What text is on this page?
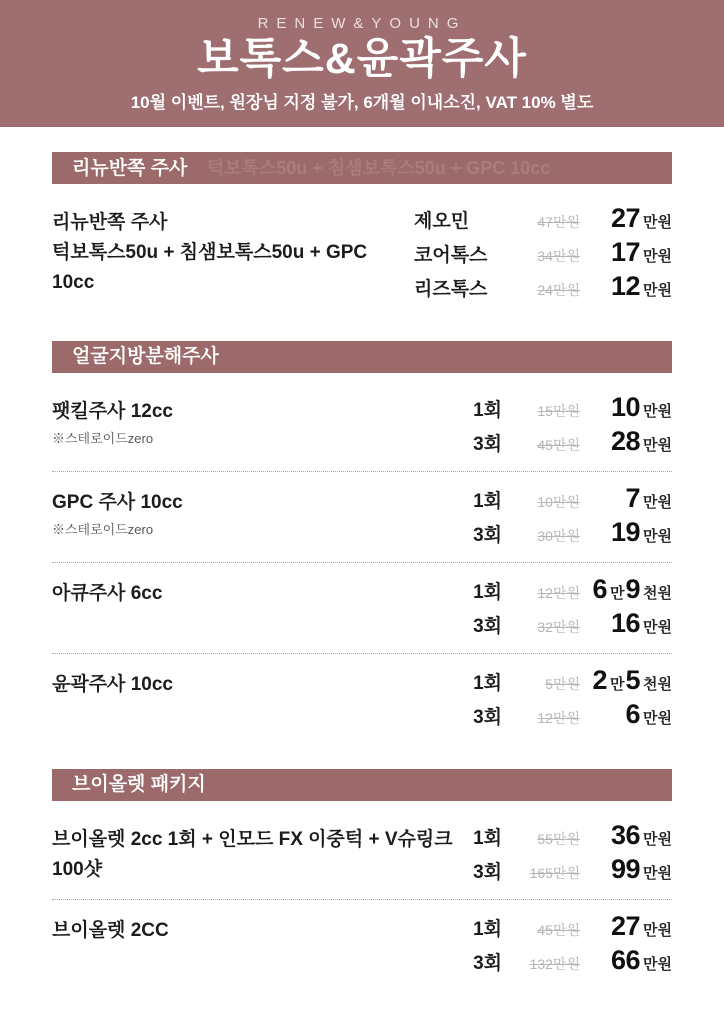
RENEW&YOUNG
보톡스&윤곽주사
10월 이벤트, 원장님 지정 불가, 6개월 이내소진, VAT 10% 별도
리뉴반쪽 주사 턱보톡스50u + 침샘보톡스50u + GPC 10cc
리뉴반쪽 주사
턱보톡스50u + 침샘보톡스50u + GPC 10cc
제오민	47만원	27 만원
코어톡스	34만원	17 만원
리즈톡스	24만원	12 만원
얼굴지방분해주사
팻킬주사 12cc
※스테로이드zero
1회	15만원	10 만원
3회	45만원	28 만원
GPC 주사 10cc
※스테로이드zero
1회	10만원	7 만원
3회	30만원	19 만원
아큐주사 6cc	1회	12만원 6 만9 천원
3회	32만원	16 만원
윤곽주사 10cc	1회	5만원 2 만5 천원
3회	12만원	6 만원
브이올렛 패키지
브이올렛 2cc 1회 + 인모드 FX 이중턱 + V슈링크 100샷
1회	55만원	36 만원
3회	165만원	99 만원
브이올렛 2CC	1회	45만원	27 만원
3회	132만원	66 만원
